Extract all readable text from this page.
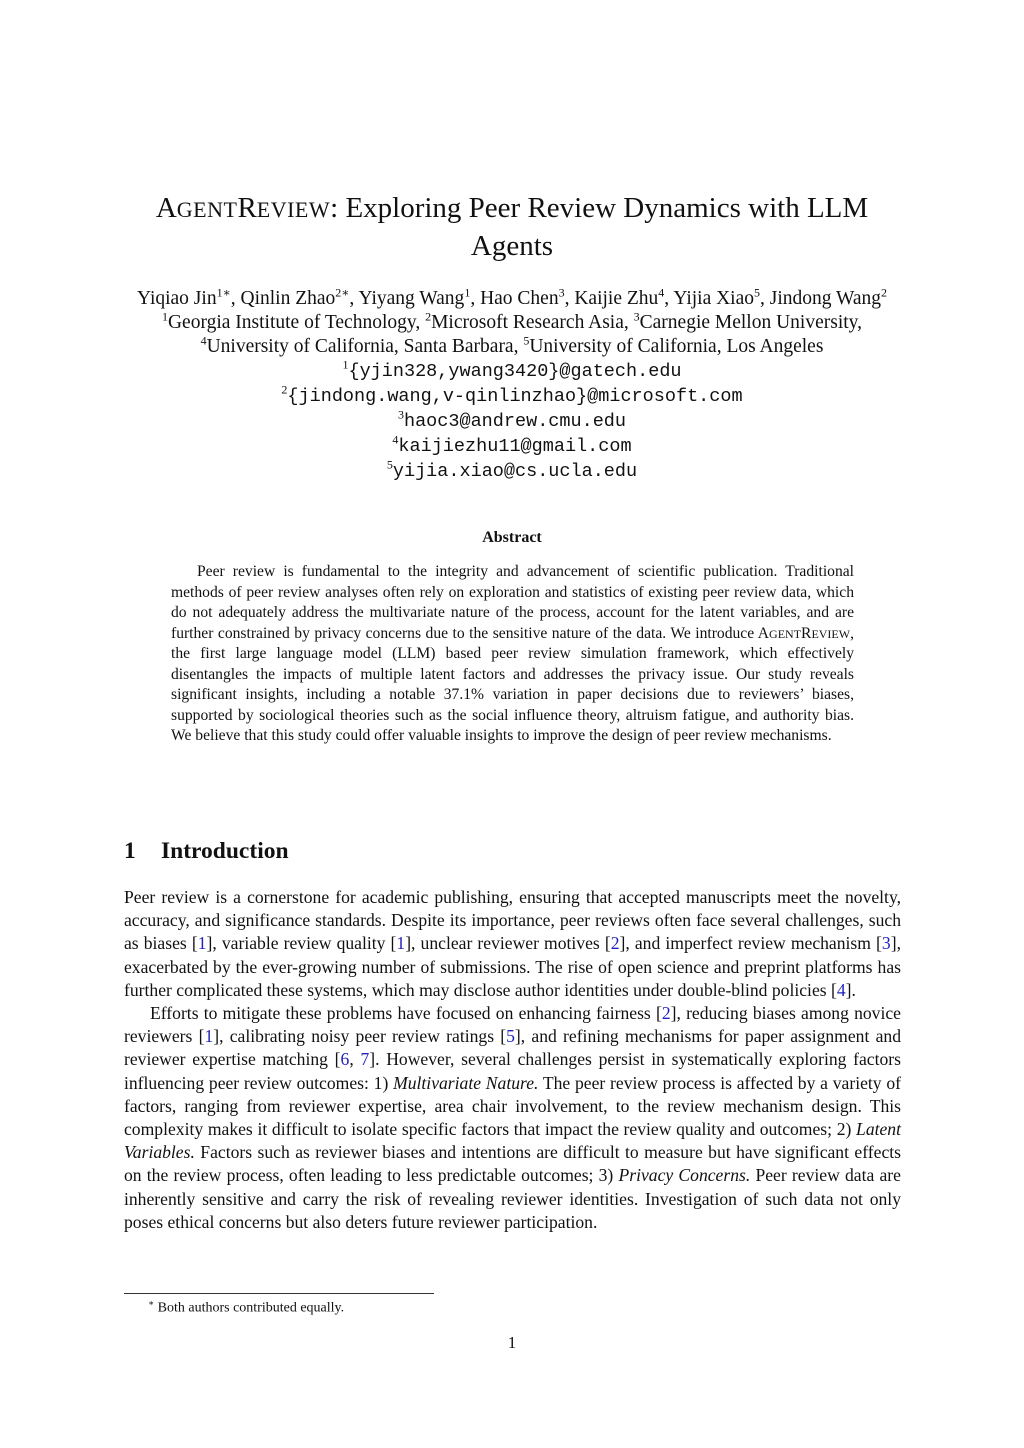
AGENTREVIEW: Exploring Peer Review Dynamics with LLM
Agents
Yiqiao Jin$^{1∗}$, Qinlin Zhao$^{2∗}$, Yiyang Wang$^1$, Hao Chen$^3$, Kaijie Zhu$^4$, Yijia Xiao$^5$, Jindong Wang$^2$
$^1$Georgia Institute of Technology, $^2$Microsoft Research Asia, $^3$Carnegie Mellon University,
$^4$University of California, Santa Barbara, $^5$University of California, Los Angeles
$^1${yjin328,ywang3420}@gatech.edu
$^2${jindong.wang,v-qinlinzhao}@microsoft.com
$^3$haoc3@andrew.cmu.edu
$^4$kaijiezhu11@gmail.com
$^5$yijia.xiao@cs.ucla.edu
Abstract
Peer review is fundamental to the integrity and advancement of scientific publication. Traditional methods of peer review analyses often rely on exploration and statistics of existing peer review data, which do not adequately address the multivariate nature of the process, account for the latent variables, and are further constrained by privacy concerns due to the sensitive nature of the data. We introduce AGENTREVIEW, the first large language model (LLM) based peer review simulation framework, which effectively disentangles the impacts of multiple latent factors and addresses the privacy issue. Our study reveals significant insights, including a notable 37.1% variation in paper decisions due to reviewers’ biases, supported by sociological theories such as the social influence theory, altruism fatigue, and authority bias. We believe that this study could offer valuable insights to improve the design of peer review mechanisms.
1 Introduction

Peer review is a cornerstone for academic publishing, ensuring that accepted manuscripts meet the novelty, accuracy, and significance standards. Despite its importance, peer reviews often face several challenges, such as biases [1], variable review quality [1], unclear reviewer motives [2], and imperfect review mechanism [3], exacerbated by the ever-growing number of submissions. The rise of open science and preprint platforms has further complicated these systems, which may disclose author identities under double-blind policies [4].

Efforts to mitigate these problems have focused on enhancing fairness [2], reducing biases among novice reviewers [1], calibrating noisy peer review ratings [5], and refining mechanisms for paper assignment and reviewer expertise matching [6, 7]. However, several challenges persist in systematically exploring factors influencing peer review outcomes: 1) Multivariate Nature. The peer review process is affected by a variety of factors, ranging from reviewer expertise, area chair involvement, to the review mechanism design. This complexity makes it difficult to isolate specific factors that impact the review quality and outcomes; 2) Latent Variables. Factors such as reviewer biases and intentions are difficult to measure but have significant effects on the review process, often leading to less predictable outcomes; 3) Privacy Concerns. Peer review data are inherently sensitive and carry the risk of revealing reviewer identities. Investigation of such data not only poses ethical concerns but also deters future reviewer participation.

∗ Both authors contributed equally.
1
